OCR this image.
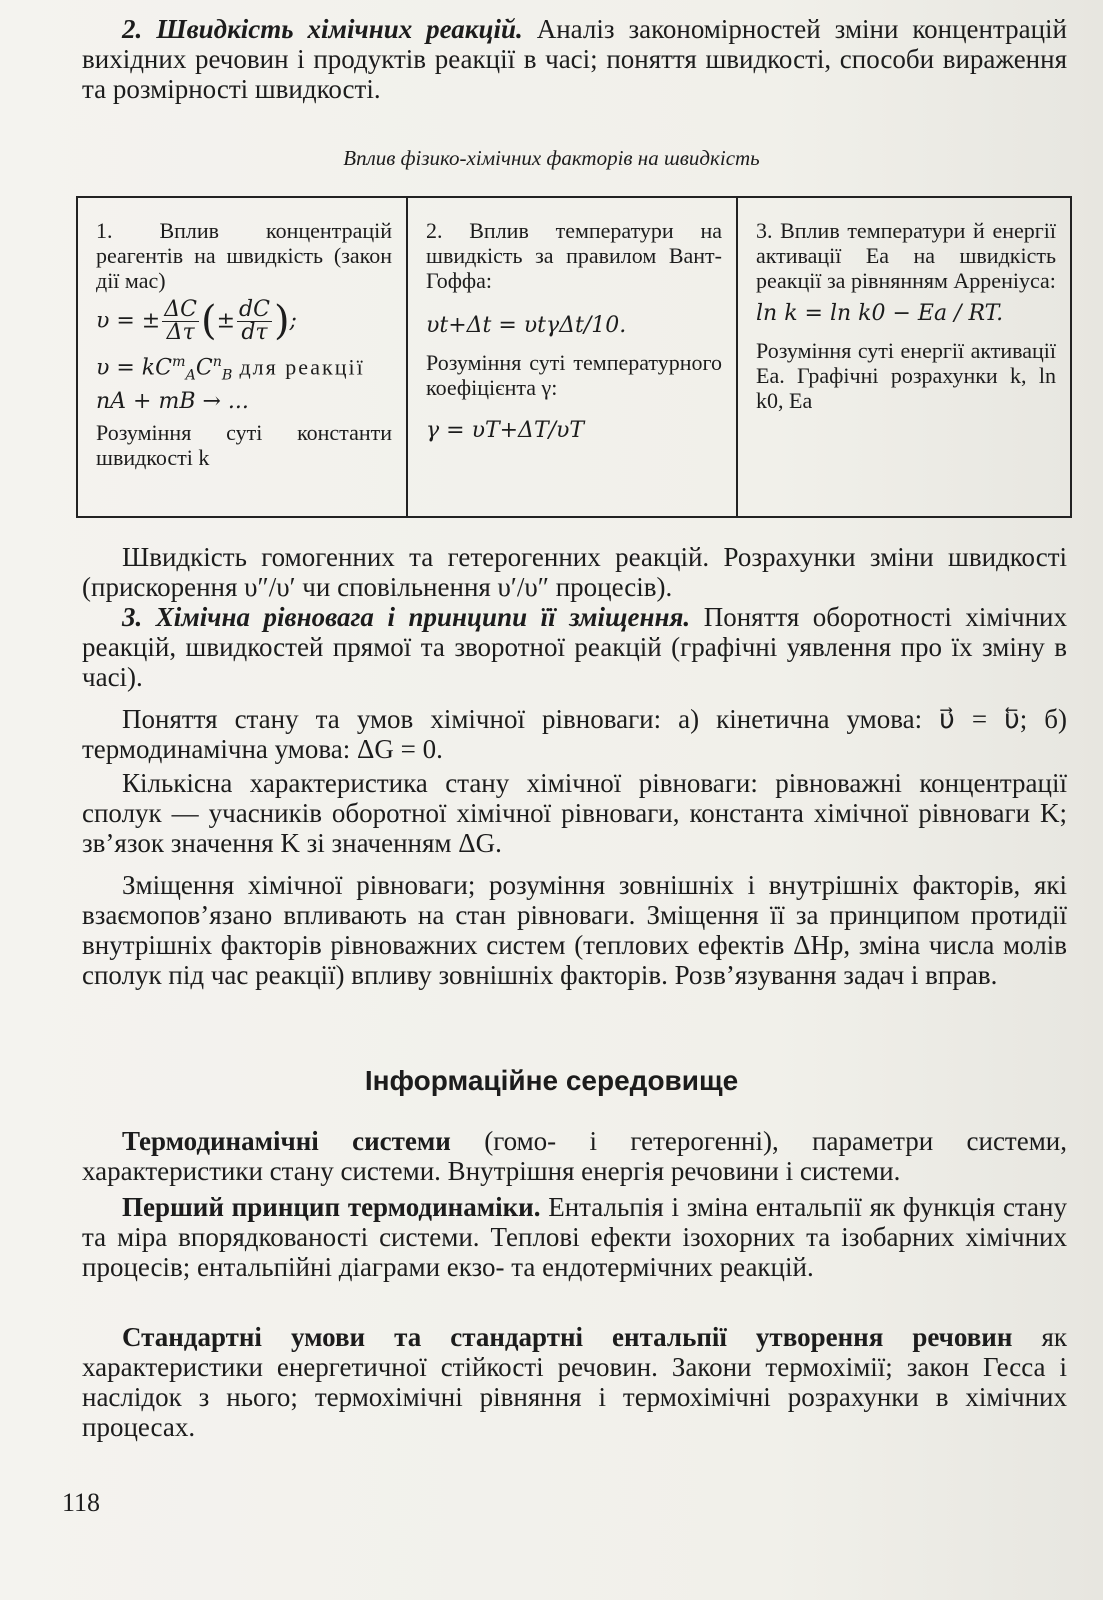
2. Швидкість хімічних реакцій. Аналіз закономірностей зміни концентрацій вихідних речовин і продуктів реакції в часі; поняття швидкості, способи вираження та розмірності швидкості.

Вплив фізико-хімічних факторів на швидкість
1. Вплив концентрацій реагентів на швидкість (закон дії мас)
υ = ± $\frac{\Delta C}{\Delta\tau}$ (± $\frac{dC}{d\tau}$ );
$\upsilon = kC^m_AC^n_B$ для реакції
nA + mB → ...
Розуміння суті константи швидкості k
2. Вплив температури на швидкість за правилом Вант-Гоффа:
υt+Δt = υtγΔt/10.
Розуміння суті температурного коефіцієнта γ:
γ = υT+ΔT/υT
3. Вплив температури й енергії активації Ea на швидкість реакції за рівнянням Арреніуса:
ln k = ln k0 − Ea / RT.
Розуміння суті енергії активації Ea. Графічні розрахунки k, ln k0, Ea

Швидкість гомогенних та гетерогенних реакцій. Розрахунки зміни швидкості (прискорення υ″/υ′ чи сповільнення υ′/υ″ процесів).

3. Хімічна рівновага і принципи її зміщення. Поняття оборотності хімічних реакцій, швидкостей прямої та зворотної реакцій (графічні уявлення про їх зміну в часі).

Поняття стану та умов хімічної рівноваги: а) кінетична умова: υ⃗ = υ⃖; б) термодинамічна умова: ΔG = 0.

Кількісна характеристика стану хімічної рівноваги: рівноважні концентрації сполук — учасників оборотної хімічної рівноваги, константа хімічної рівноваги K; зв’язок значення K зі значенням ΔG.

Зміщення хімічної рівноваги; розуміння зовнішніх і внутрішніх факторів, які взаємопов’язано впливають на стан рівноваги. Зміщення її за принципом протидії внутрішніх факторів рівноважних систем (теплових ефектів ΔHp, зміна числа молів сполук під час реакції) впливу зовнішніх факторів. Розв’язування задач і вправ.

Інформаційне середовище

Термодинамічні системи (гомо- і гетерогенні), параметри системи, характеристики стану системи. Внутрішня енергія речовини і системи.

Перший принцип термодинаміки. Ентальпія і зміна ентальпії як функція стану та міра впорядкованості системи. Теплові ефекти ізохорних та ізобарних хімічних процесів; ентальпійні діаграми екзо- та ендотермічних реакцій.

Стандартні умови та стандартні ентальпії утворення речовин як характеристики енергетичної стійкості речовин. Закони термохімії; закон Гесса і наслідок з нього; термохімічні рівняння і термохімічні розрахунки в хімічних процесах.

118
